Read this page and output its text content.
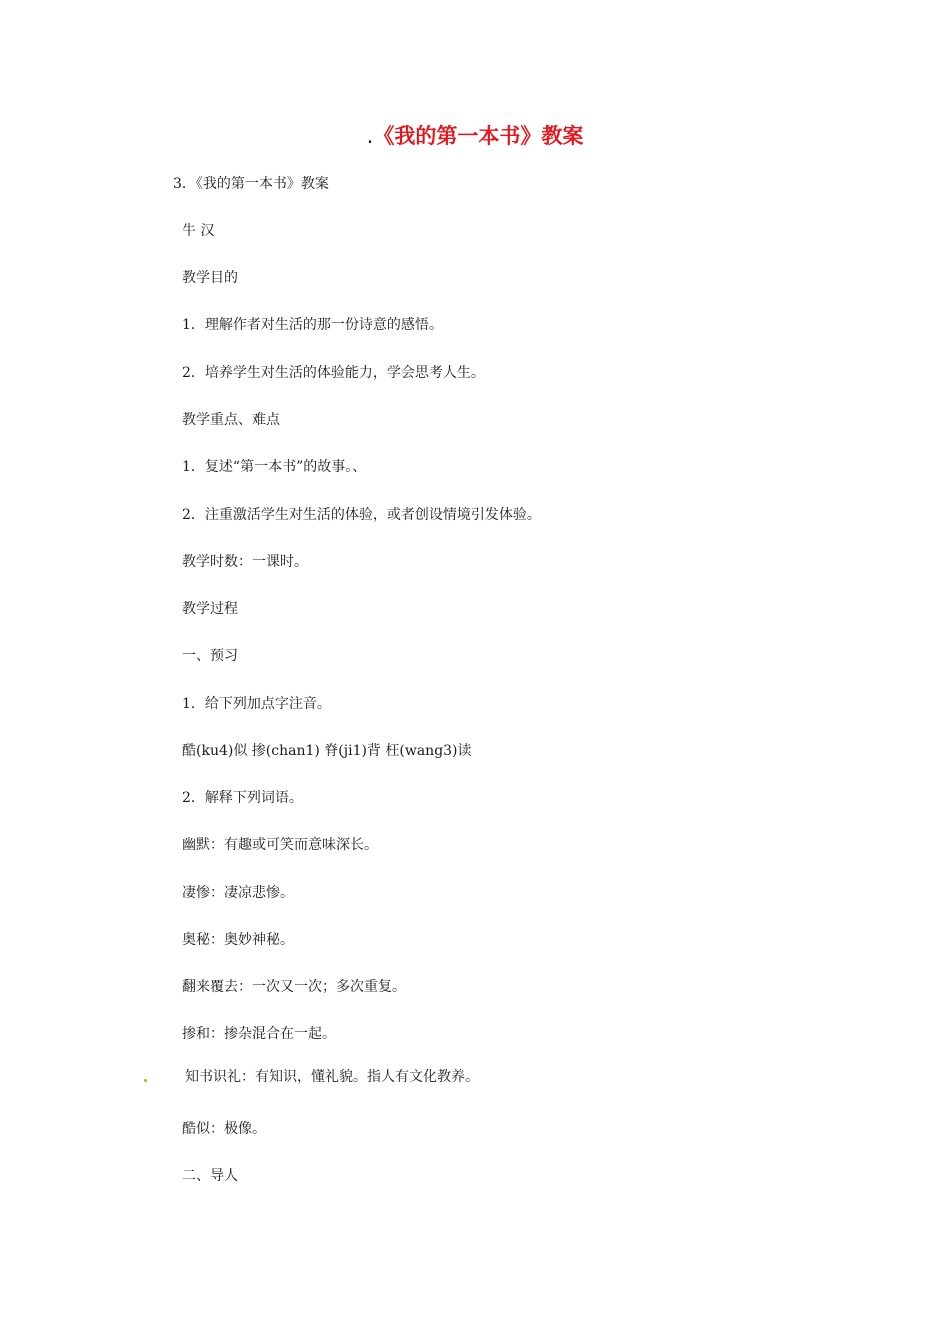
.《我的第一本书》教案
3．《我的第一本书》教案
牛 汉
教学目的
1．理解作者对生活的那一份诗意的感悟。
2．培养学生对生活的体验能力，学会思考人生。
教学重点、难点
1．复述“第一本书”的故事。、
2．注重激活学生对生活的体验，或者创设情境引发体验。
教学时数：一课时。
教学过程
一、预习
1．给下列加点字注音。
酷(ku4)似 掺(chan1) 脊(ji1)背 枉(wang3)读
2．解释下列词语。
幽默：有趣或可笑而意味深长。
凄惨：凄凉悲惨。
奥秘：奥妙神秘。
翻来覆去：一次又一次；多次重复。
掺和：掺杂混合在一起。
知书识礼：有知识，懂礼貌。指人有文化教养。
酷似：极像。
二、导人
